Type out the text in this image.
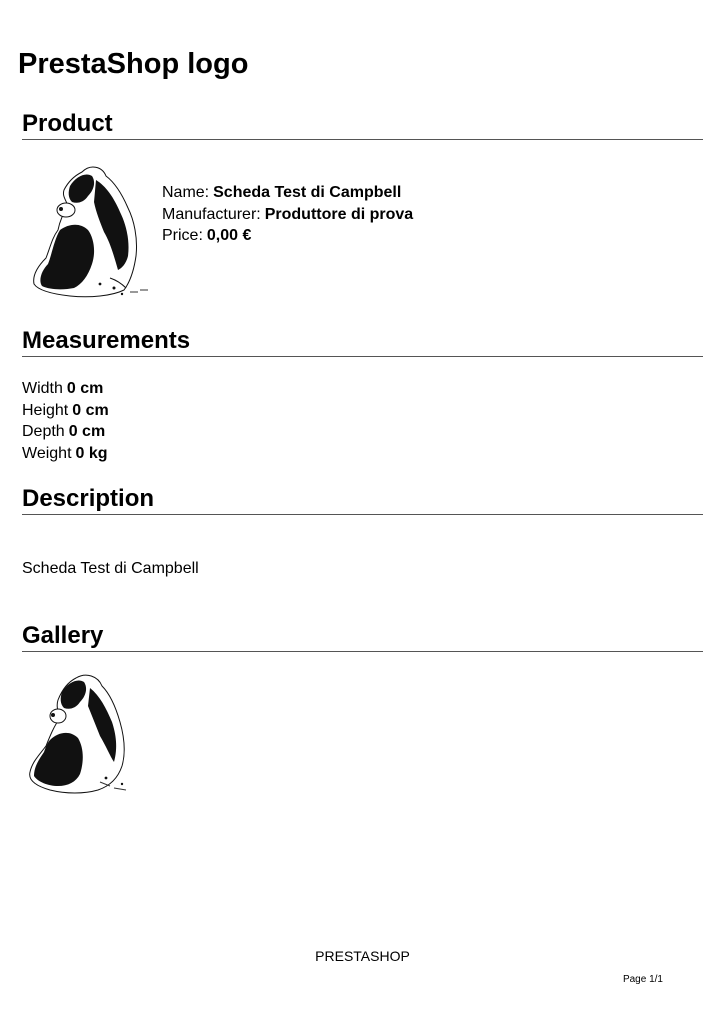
PrestaShop logo
Product
Name: Scheda Test di Campbell
Manufacturer: Produttore di prova
Price: 0,00 €
Measurements
Width 0 cm
Height 0 cm
Depth 0 cm
Weight 0 kg
Description
Scheda Test di Campbell
Gallery
PRESTASHOP
Page 1/1
